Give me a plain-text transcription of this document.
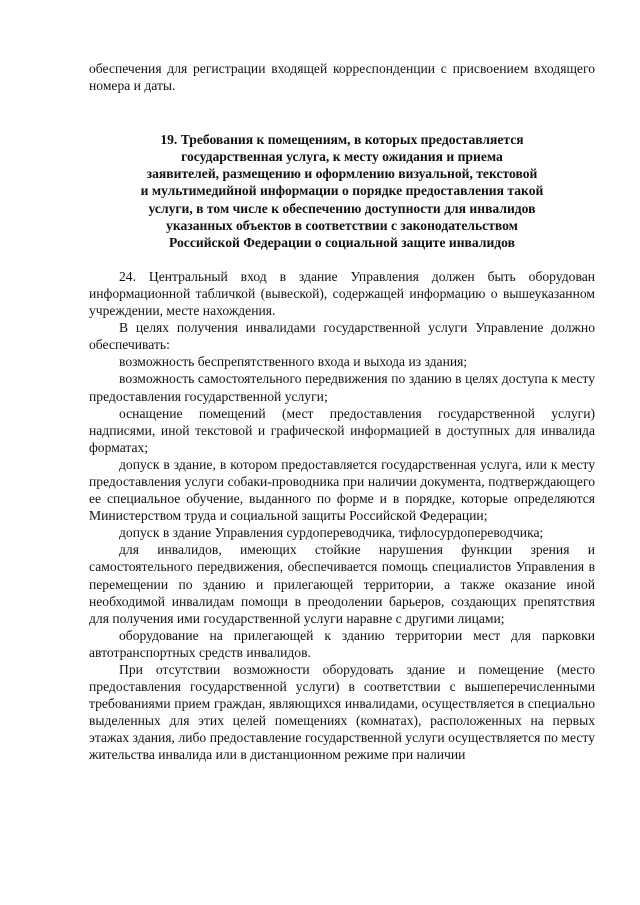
обеспечения для регистрации входящей корреспонденции с присвоением входящего номера и даты.

19. Требования к помещениям, в которых предоставляется

государственная услуга, к месту ожидания и приема

заявителей, размещению и оформлению визуальной, текстовой

и мультимедийной информации о порядке предоставления такой

услуги, в том числе к обеспечению доступности для инвалидов

указанных объектов в соответствии с законодательством

Российской Федерации о социальной защите инвалидов

24. Центральный вход в здание Управления должен быть оборудован информационной табличкой (вывеской), содержащей информацию о вышеуказанном учреждении, месте нахождения.

В целях получения инвалидами государственной услуги Управление должно обеспечивать:

возможность беспрепятственного входа и выхода из здания;

возможность самостоятельного передвижения по зданию в целях доступа к месту предоставления государственной услуги;

оснащение помещений (мест предоставления государственной услуги) надписями, иной текстовой и графической информацией в доступных для инвалида форматах;

допуск в здание, в котором предоставляется государственная услуга, или к месту предоставления услуги собаки-проводника при наличии документа, подтверждающего ее специальное обучение, выданного по форме и в порядке, которые определяются Министерством труда и социальной защиты Российской Федерации;

допуск в здание Управления сурдопереводчика, тифлосурдопереводчика;

для инвалидов, имеющих стойкие нарушения функции зрения и самостоятельного передвижения, обеспечивается помощь специалистов Управления в перемещении по зданию и прилегающей территории, а также оказание иной необходимой инвалидам помощи в преодолении барьеров, создающих препятствия для получения ими государственной услуги наравне с другими лицами;

оборудование на прилегающей к зданию территории мест для парковки автотранспортных средств инвалидов.

При отсутствии возможности оборудовать здание и помещение (место предоставления государственной услуги) в соответствии с вышеперечисленными требованиями прием граждан, являющихся инвалидами, осуществляется в специально выделенных для этих целей помещениях (комнатах), расположенных на первых этажах здания, либо предоставление государственной услуги осуществляется по месту жительства инвалида или в дистанционном режиме при наличии
